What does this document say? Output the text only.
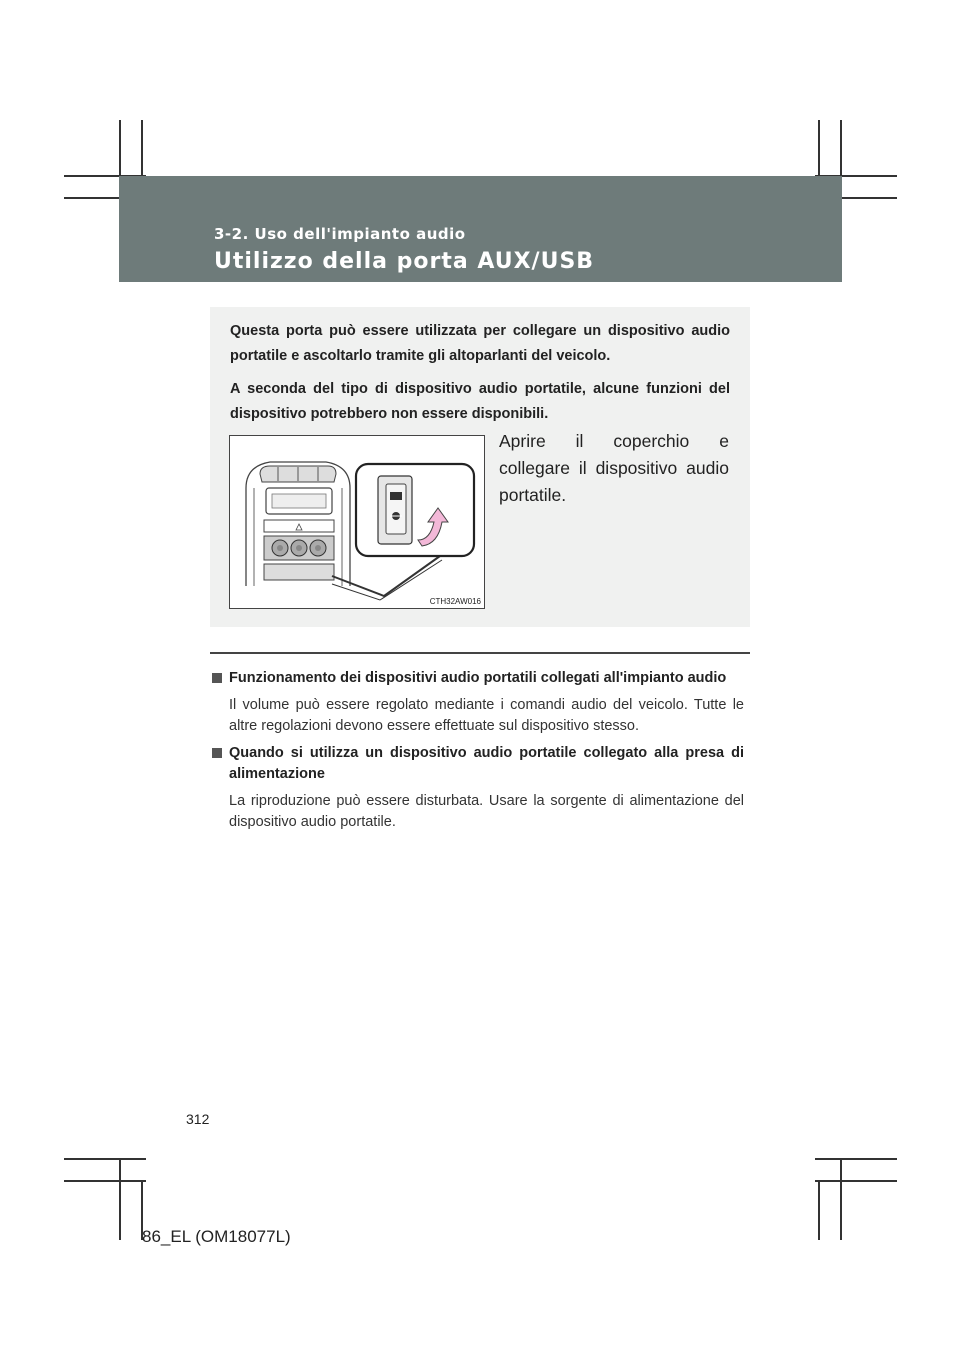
3-2. Uso dell'impianto audio
Utilizzo della porta AUX/USB

Questa porta può essere utilizzata per collegare un dispositivo audio portatile e ascoltarlo tramite gli altoparlanti del veicolo.

A seconda del tipo di dispositivo audio portatile, alcune funzioni del dispositivo potrebbero non essere disponibili.

CTH32AW016
Aprire il coperchio e collegare il dispositivo audio portatile.
Funzionamento dei dispositivi audio portatili collegati all'impianto audio
Il volume può essere regolato mediante i comandi audio del veicolo. Tutte le altre regolazioni devono essere effettuate sul dispositivo stesso.
Quando si utilizza un dispositivo audio portatile collegato alla presa di alimentazione
La riproduzione può essere disturbata. Usare la sorgente di alimentazione del dispositivo audio portatile.
312
86_EL (OM18077L)
